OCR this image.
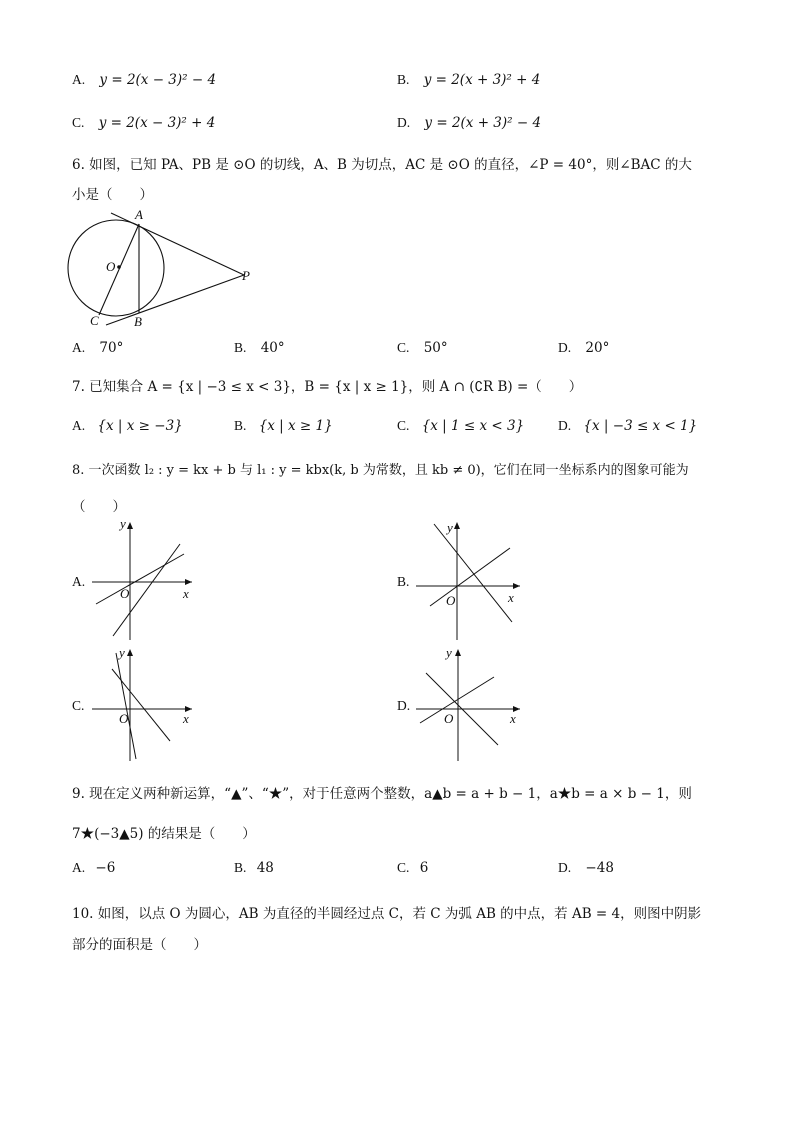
A. y = 2(x − 3)² − 4	B. y = 2(x + 3)² + 4
C. y = 2(x − 3)² + 4	D. y = 2(x + 3)² − 4
6. 如图，已知 PA、PB 是 ⊙O 的切线，A、B 为切点，AC 是 ⊙O 的直径，∠P = 40°，则∠BAC 的大
小是（　　）
A
O
P
C	B
A. 70°	B. 40°	C. 50°	D. 20°
7. 已知集合 A = {x | −3 ≤ x < 3}，B = {x | x ≥ 1}，则 A ∩ (∁R B) =（　　）
A. {x | x ≥ −3}	B. {x | x ≥ 1}	C. {x | 1 ≤ x < 3}	D. {x | −3 ≤ x < 1}
8. 一次函数 l₂ : y = kx + b 与 l₁ : y = kbx(k, b 为常数，且 kb ≠ 0)，它们在同一坐标系内的图象可能为
（　　）
A.
y
x
O
B.
y
x
O
C.
y
x
O
D.
y
x
O
9. 现在定义两种新运算，“▲”、“★”，对于任意两个整数，a▲b = a + b − 1，a★b = a × b − 1，则
7★(−3▲5) 的结果是（　　）
A. −6	B. 48	C. 6	D. −48
10. 如图，以点 O 为圆心，AB 为直径的半圆经过点 C，若 C 为弧 AB 的中点，若 AB = 4，则图中阴影
部分的面积是（　　）
